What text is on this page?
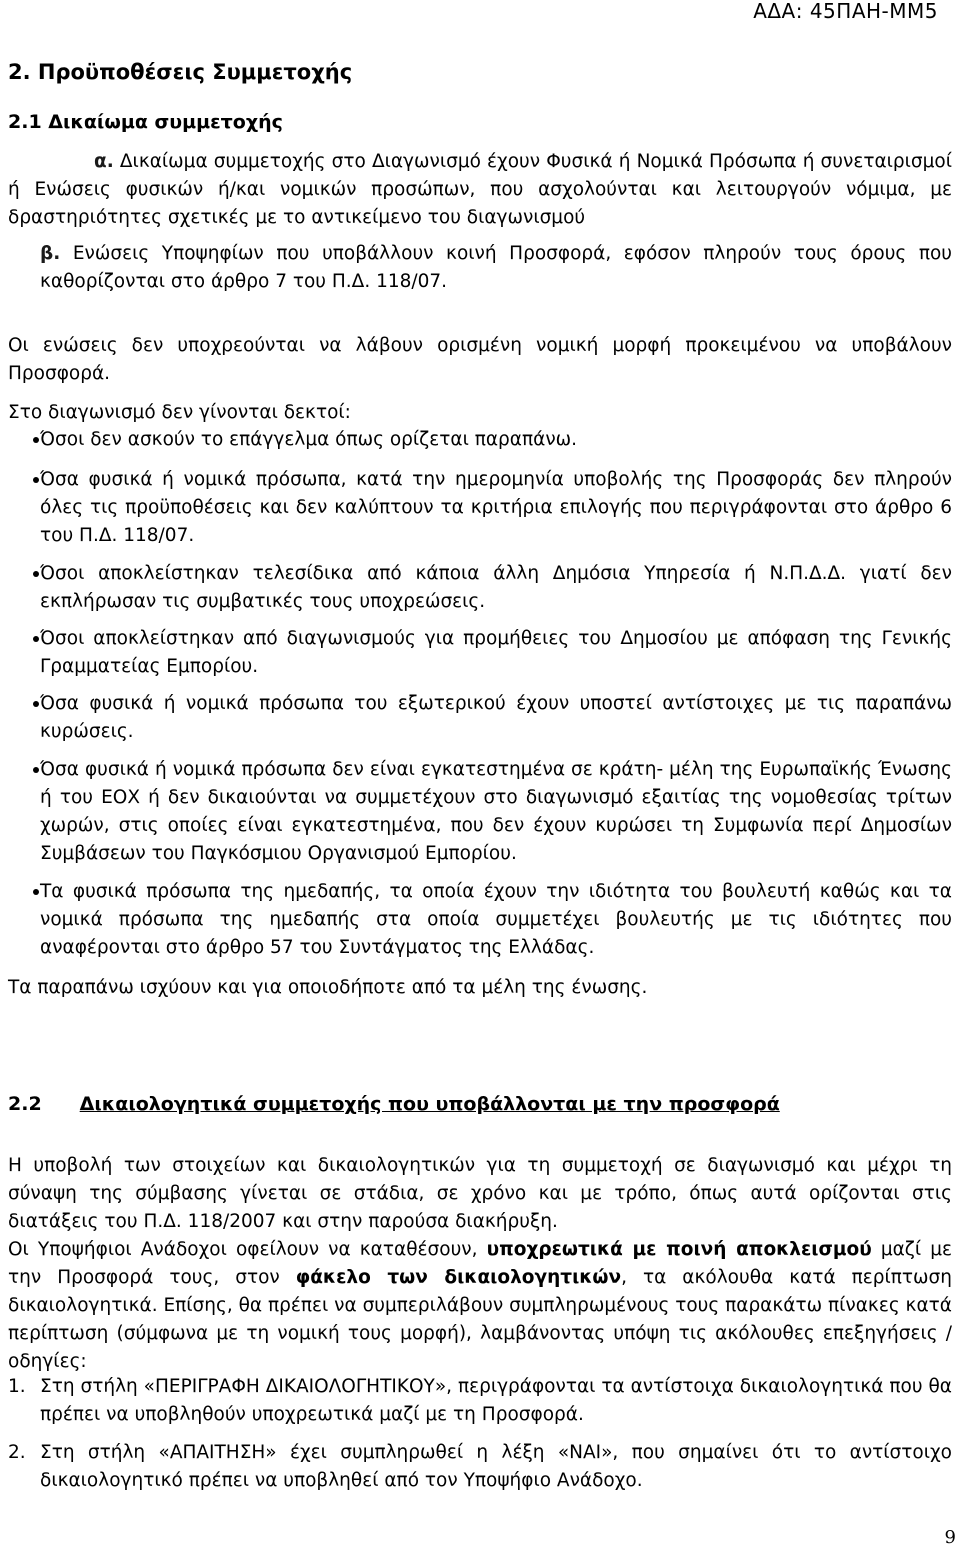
ΑΔΑ: 45ΠΑΗ-ΜΜ5
2. Προϋποθέσεις Συμμετοχής
2.1 Δικαίωμα συμμετοχής
α. Δικαίωμα συμμετοχής στο Διαγωνισμό έχουν Φυσικά ή Νομικά Πρόσωπα ή συνεταιρισμοί ή Ενώσεις φυσικών ή/και νομικών προσώπων, που ασχολούνται και λειτουργούν νόμιμα, με δραστηριότητες σχετικές με το αντικείμενο του διαγωνισμού
β. Ενώσεις Υποψηφίων που υποβάλλουν κοινή Προσφορά, εφόσον πληρούν τους όρους που καθορίζονται στο άρθρο 7 του Π.Δ. 118/07.
Οι ενώσεις δεν υποχρεούνται να λάβουν ορισμένη νομική μορφή προκειμένου να υποβάλουν Προσφορά.
Στο διαγωνισμό δεν γίνονται δεκτοί:
Όσοι δεν ασκούν το επάγγελμα όπως ορίζεται παραπάνω.
Όσα φυσικά ή νομικά πρόσωπα, κατά την ημερομηνία υποβολής της Προσφοράς δεν πληρούν όλες τις προϋποθέσεις και δεν καλύπτουν τα κριτήρια επιλογής που περιγράφονται στο άρθρο 6 του Π.Δ. 118/07.
Όσοι αποκλείστηκαν τελεσίδικα από κάποια άλλη Δημόσια Υπηρεσία ή Ν.Π.Δ.Δ. γιατί δεν εκπλήρωσαν τις συμβατικές τους υποχρεώσεις.
Όσοι αποκλείστηκαν από διαγωνισμούς για προμήθειες του Δημοσίου με απόφαση της Γενικής Γραμματείας Εμπορίου.
Όσα φυσικά ή νομικά πρόσωπα του εξωτερικού έχουν υποστεί αντίστοιχες με τις παραπάνω κυρώσεις.
Όσα φυσικά ή νομικά πρόσωπα δεν είναι εγκατεστημένα σε κράτη- μέλη της Ευρωπαϊκής Ένωσης ή του ΕΟΧ ή δεν δικαιούνται να συμμετέχουν στο διαγωνισμό εξαιτίας της νομοθεσίας τρίτων χωρών, στις οποίες είναι εγκατεστημένα, που δεν έχουν κυρώσει τη Συμφωνία περί Δημοσίων Συμβάσεων του Παγκόσμιου Οργανισμού Εμπορίου.
Τα φυσικά πρόσωπα της ημεδαπής, τα οποία έχουν την ιδιότητα του βουλευτή καθώς και τα νομικά πρόσωπα της ημεδαπής στα οποία συμμετέχει βουλευτής με τις ιδιότητες που αναφέρονται στο άρθρο 57 του Συντάγματος της Ελλάδας.
Τα παραπάνω ισχύουν και για οποιοδήποτε από τα μέλη της ένωσης.
2.2 Δικαιολογητικά συμμετοχής που υποβάλλονται με την προσφορά
Η υποβολή των στοιχείων και δικαιολογητικών για τη συμμετοχή σε διαγωνισμό και μέχρι τη σύναψη της σύμβασης γίνεται σε στάδια, σε χρόνο και με τρόπο, όπως αυτά ορίζονται στις διατάξεις του Π.Δ. 118/2007 και στην παρούσα διακήρυξη.
Οι Υποψήφιοι Ανάδοχοι οφείλουν να καταθέσουν, υποχρεωτικά με ποινή αποκλεισμού μαζί με την Προσφορά τους, στον φάκελο των δικαιολογητικών, τα ακόλουθα κατά περίπτωση δικαιολογητικά. Επίσης, θα πρέπει να συμπεριλάβουν συμπληρωμένους τους παρακάτω πίνακες κατά περίπτωση (σύμφωνα με τη νομική τους μορφή), λαμβάνοντας υπόψη τις ακόλουθες επεξηγήσεις / οδηγίες:
1. Στη στήλη «ΠΕΡΙΓΡΑΦΗ ΔΙΚΑΙΟΛΟΓΗΤΙΚΟΥ», περιγράφονται τα αντίστοιχα δικαιολογητικά που θα πρέπει να υποβληθούν υποχρεωτικά μαζί με τη Προσφορά.
2. Στη στήλη «ΑΠΑΙΤΗΣΗ» έχει συμπληρωθεί η λέξη «ΝΑΙ», που σημαίνει ότι το αντίστοιχο δικαιολογητικό πρέπει να υποβληθεί από τον Υποψήφιο Ανάδοχο.
9
